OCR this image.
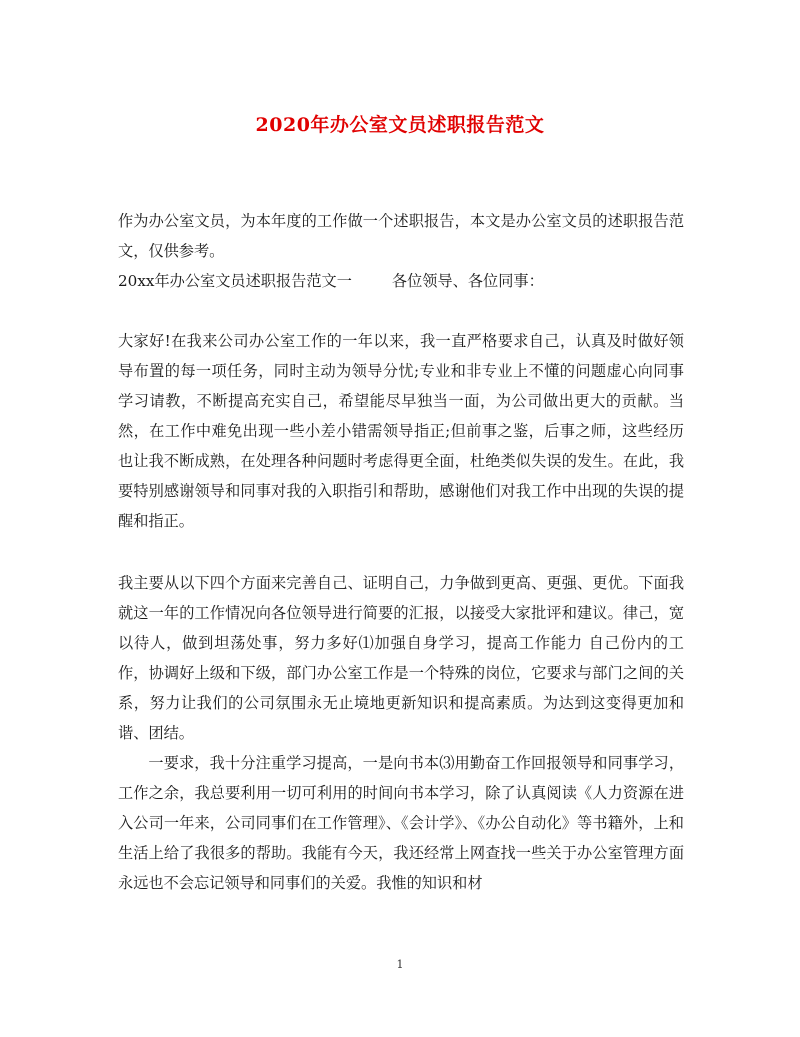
2020年办公室文员述职报告范文

作为办公室文员，为本年度的工作做一个述职报告，本文是办公室文员的述职报告范文，仅供参考。

20xx年办公室文员述职报告范文一	各位领导、各位同事：

大家好!在我来公司办公室工作的一年以来，我一直严格要求自己，认真及时做好领导布置的每一项任务，同时主动为领导分忧;专业和非专业上不懂的问题虚心向同事学习请教，不断提高充实自己，希望能尽早独当一面，为公司做出更大的贡献。当然，在工作中难免出现一些小差小错需领导指正;但前事之鉴，后事之师，这些经历也让我不断成熟，在处理各种问题时考虑得更全面，杜绝类似失误的发生。在此，我要特别感谢领导和同事对我的入职指引和帮助，感谢他们对我工作中出现的失误的提醒和指正。

我主要从以下四个方面来完善自己、证明自己，力争做到更高、更强、更优。下面我就这一年的工作情况向各位领导进行简要的汇报，以接受大家批评和建议。律己，宽以待人，做到坦荡处事，努力多好⑴加强自身学习，提高工作能力 自己份内的工作，协调好上级和下级，部门办公室工作是一个特殊的岗位，它要求与部门之间的关系，努力让我们的公司氛围永无止境地更新知识和提高素质。为达到这变得更加和谐、团结。

一要求，我十分注重学习提高，一是向书本⑶用勤奋工作回报领导和同事学习，工作之余，我总要利用一切可利用的时间向书本学习，除了认真阅读《人力资源在进入公司一年来，公司同事们在工作管理》、《会计学》、《办公自动化》等书籍外，上和生活上给了我很多的帮助。我能有今天，我还经常上网查找一些关于办公室管理方面永远也不会忘记领导和同事们的关爱。我惟的知识和材

1
